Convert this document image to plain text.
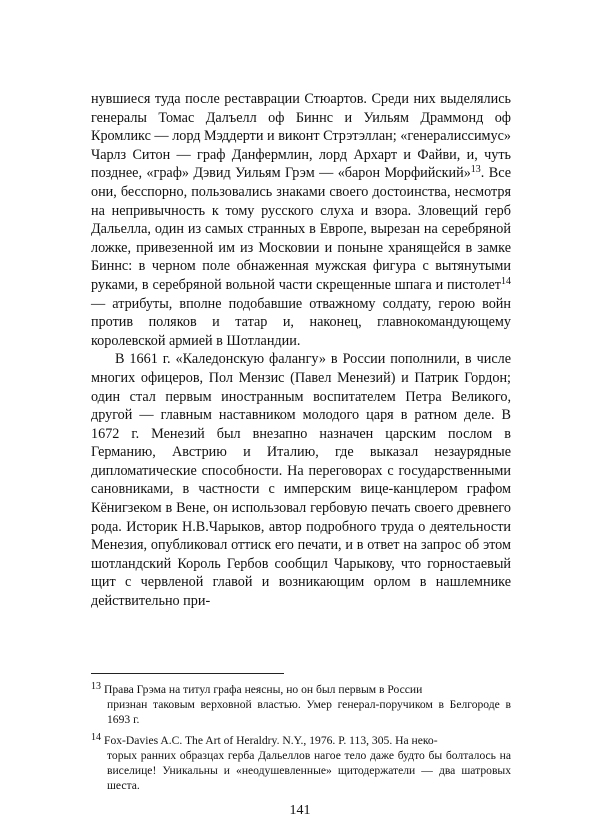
нувшиеся туда после реставрации Стюартов. Среди них выделялись генералы Томас Далъелл оф Биннс и Уильям Драммонд оф Кромликс — лорд Мэддерти и виконт Стрэтэллан; «генералиссимус» Чарлз Ситон — граф Данфермлин, лорд Архарт и Файви, и, чуть позднее, «граф» Дэвид Уильям Грэм — «барон Морфийский»$^{13}$. Все они, бесспорно, пользовались знаками своего достоинства, несмотря на непривычность к тому русского слуха и взора. Зловещий герб Дальелла, один из самых странных в Европе, вырезан на серебряной ложке, привезенной им из Московии и поныне хранящейся в замке Биннс: в черном поле обнаженная мужская фигура с вытянутыми руками, в серебряной вольной части скрещенные шпага и пистолет$^{14}$ — атрибуты, вполне подобавшие отважному солдату, герою войн против поляков и татар и, наконец, главнокомандующему королевской армией в Шотландии.

В 1661 г. «Каледонскую фалангу» в России пополнили, в числе многих офицеров, Пол Мензис (Павел Менезий) и Патрик Гордон; один стал первым иностранным воспитателем Петра Великого, другой — главным наставником молодого царя в ратном деле. В 1672 г. Менезий был внезапно назначен царским послом в Германию, Австрию и Италию, где выказал незаурядные дипломатические способности. На переговорах с государственными сановниками, в частности с имперским вице-канцлером графом Кёнигзеком в Вене, он использовал гербовую печать своего древнего рода. Историк Н.В.Чарыков, автор подробного труда о деятельности Менезия, опубликовал оттиск его печати, и в ответ на запрос об этом шотландский Король Гербов сообщил Чарыкову, что горностаевый щит с червленой главой и возникающим орлом в нашлемнике действительно при-

13 Права Грэма на титул графа неясны, но он был первым в России
признан таковым верховной властью. Умер генерал-поручиком в Белгороде в 1693 г.
14 Fox-Davies A.C. The Art of Heraldry. N.Y., 1976. P. 113, 305. На неко-
торых ранних образцах герба Дальеллов нагое тело даже будто бы болталось на виселице! Уникальны и «неодушевленные» щитодержатели — два шатровых шеста.
141
